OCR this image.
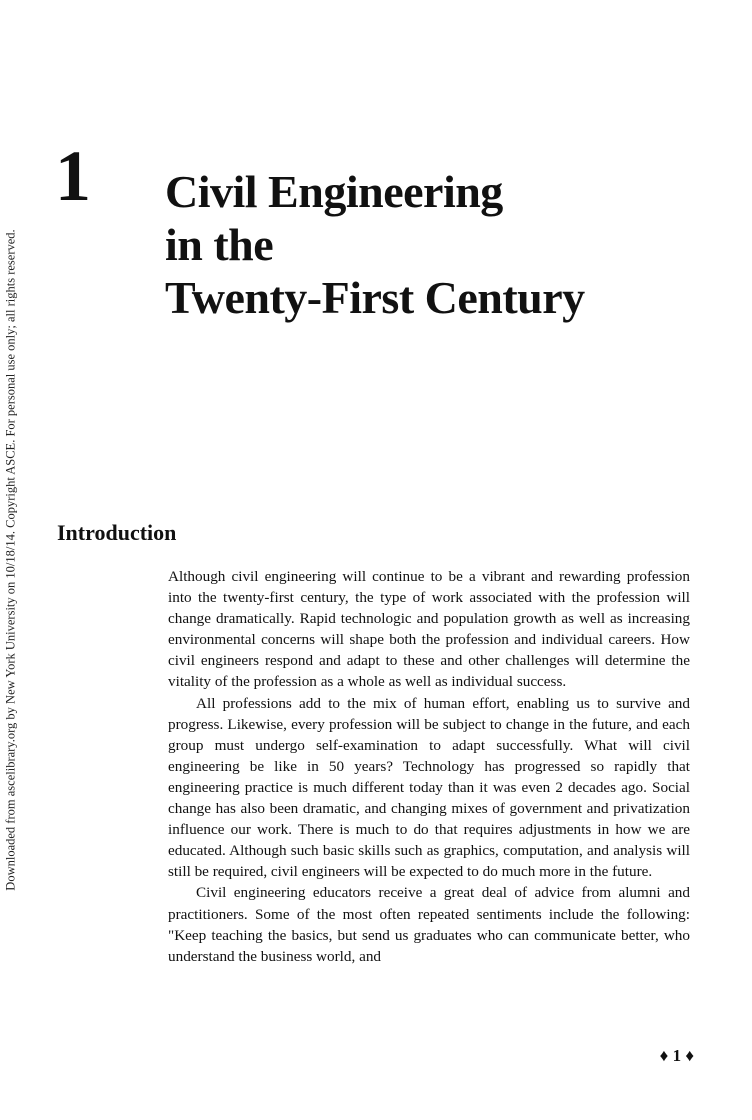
Downloaded from ascelibrary.org by New York University on 10/18/14. Copyright ASCE. For personal use only; all rights reserved.
1 Civil Engineering
in the
Twenty-First Century
Introduction

Although civil engineering will continue to be a vibrant and rewarding profession into the twenty-first century, the type of work associated with the profession will change dramatically. Rapid technologic and population growth as well as increasing environmental concerns will shape both the profession and individual careers. How civil engineers respond and adapt to these and other challenges will determine the vitality of the profession as a whole as well as individual success.

All professions add to the mix of human effort, enabling us to survive and progress. Likewise, every profession will be subject to change in the future, and each group must undergo self-examination to adapt successfully. What will civil engineering be like in 50 years? Technology has progressed so rapidly that engineering practice is much different today than it was even 2 decades ago. Social change has also been dramatic, and changing mixes of government and privatization influence our work. There is much to do that requires adjustments in how we are educated. Although such basic skills such as graphics, computation, and analysis will still be required, civil engineers will be expected to do much more in the future.

Civil engineering educators receive a great deal of advice from alumni and practitioners. Some of the most often repeated sentiments include the following: "Keep teaching the basics, but send us graduates who can communicate better, who understand the business world, and

♦ 1 ♦
